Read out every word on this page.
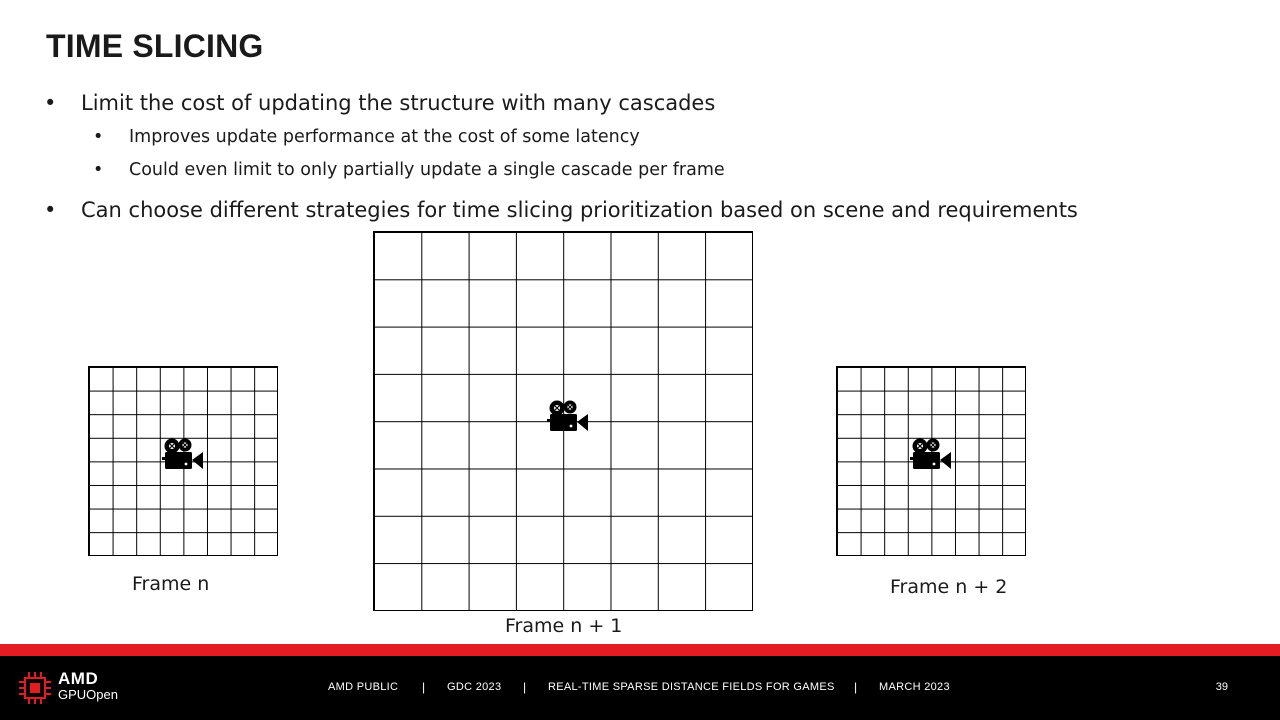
TIME SLICING
•	Limit the cost of updating the structure with many cascades
•	Improves update performance at the cost of some latency
•	Could even limit to only partially update a single cascade per frame
•	Can choose different strategies for time slicing prioritization based on scene and requirements
Frame n
Frame n + 1
Frame n + 2
AMD
GPUOpen	AMD PUBLIC | GDC 2023 | REAL-TIME SPARSE DISTANCE FIELDS FOR GAMES | MARCH 2023	39
